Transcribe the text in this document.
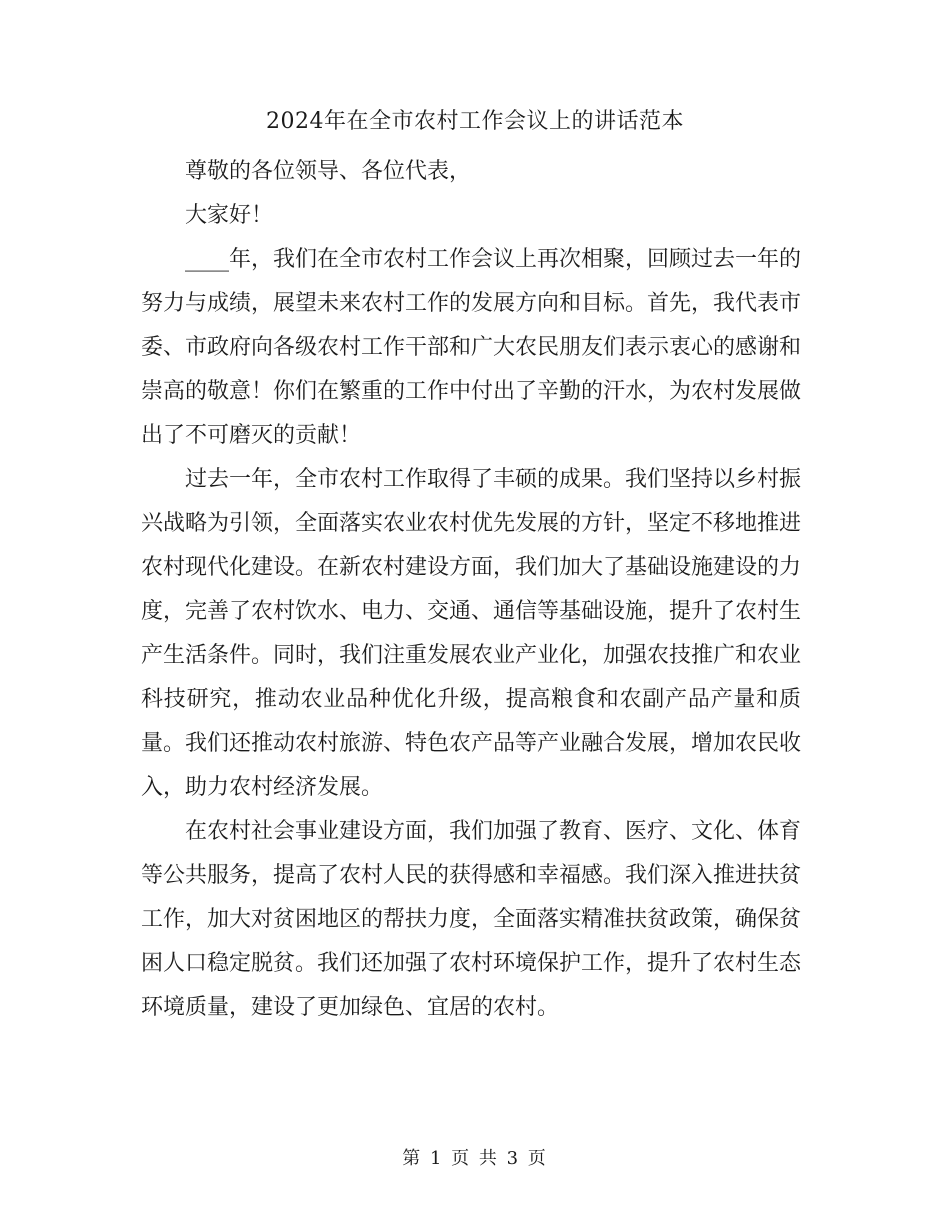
2024年在全市农村工作会议上的讲话范本

尊敬的各位领导、各位代表，

大家好！

____年，我们在全市农村工作会议上再次相聚，回顾过去一年的努力与成绩，展望未来农村工作的发展方向和目标。首先，我代表市委、市政府向各级农村工作干部和广大农民朋友们表示衷心的感谢和崇高的敬意！你们在繁重的工作中付出了辛勤的汗水，为农村发展做出了不可磨灭的贡献！

过去一年，全市农村工作取得了丰硕的成果。我们坚持以乡村振兴战略为引领，全面落实农业农村优先发展的方针，坚定不移地推进农村现代化建设。在新农村建设方面，我们加大了基础设施建设的力度，完善了农村饮水、电力、交通、通信等基础设施，提升了农村生产生活条件。同时，我们注重发展农业产业化，加强农技推广和农业科技研究，推动农业品种优化升级，提高粮食和农副产品产量和质量。我们还推动农村旅游、特色农产品等产业融合发展，增加农民收入，助力农村经济发展。

在农村社会事业建设方面，我们加强了教育、医疗、文化、体育等公共服务，提高了农村人民的获得感和幸福感。我们深入推进扶贫工作，加大对贫困地区的帮扶力度，全面落实精准扶贫政策，确保贫困人口稳定脱贫。我们还加强了农村环境保护工作，提升了农村生态环境质量，建设了更加绿色、宜居的农村。

第 1 页 共 3 页
